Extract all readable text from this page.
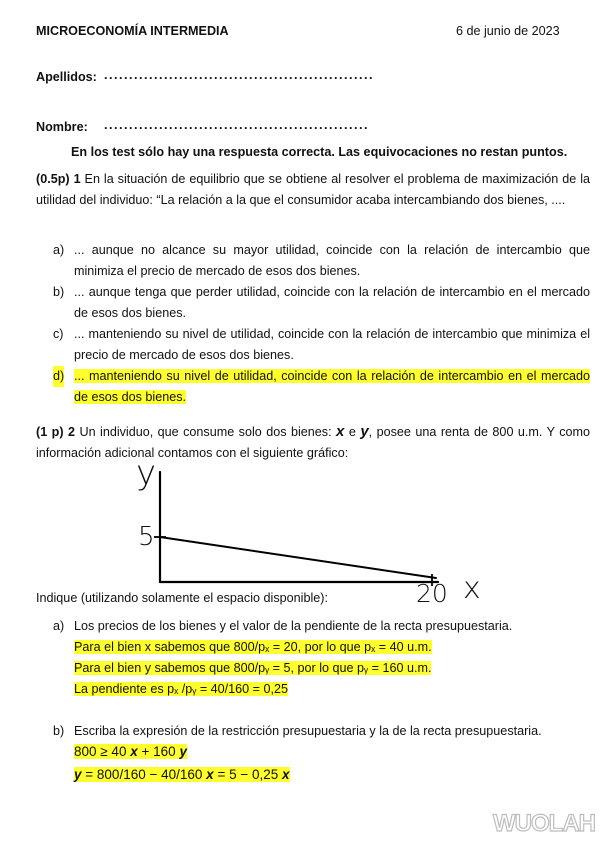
MICROECONOMÍA INTERMEDIA	6 de junio de 2023
Apellidos: ......................................................
Nombre: .....................................................
En los test sólo hay una respuesta correcta. Las equivocaciones no restan puntos.
(0.5p) 1 En la situación de equilibrio que se obtiene al resolver el problema de maximización de la utilidad del individuo: “La relación a la que el consumidor acaba intercambiando dos bienes, ....
a) ... aunque no alcance su mayor utilidad, coincide con la relación de intercambio que minimiza el precio de mercado de esos dos bienes.
b) ... aunque tenga que perder utilidad, coincide con la relación de intercambio en el mercado de esos dos bienes.
c) ... manteniendo su nivel de utilidad, coincide con la relación de intercambio que minimiza el precio de mercado de esos dos bienes.
d) ... manteniendo su nivel de utilidad, coincide con la relación de intercambio en el mercado de esos dos bienes.
(1 p) 2 Un individuo, que consume solo dos bienes: x e y, posee una renta de 800 u.m. Y como información adicional contamos con el siguiente gráfico:
y
5
20 x
Indique (utilizando solamente el espacio disponible):
a) Los precios de los bienes y el valor de la pendiente de la recta presupuestaria.
Para el bien x sabemos que 800/pₓ = 20, por lo que pₓ = 40 u.m.
Para el bien y sabemos que 800/pᵧ = 5, por lo que pᵧ = 160 u.m.
La pendiente es pₓ /pᵧ = 40/160 = 0,25
b) Escriba la expresión de la restricción presupuestaria y la de la recta presupuestaria.
800 ≥ 40 x + 160 y
y = 800/160 − 40/160 x = 5 − 0,25 x
WUOLAH
